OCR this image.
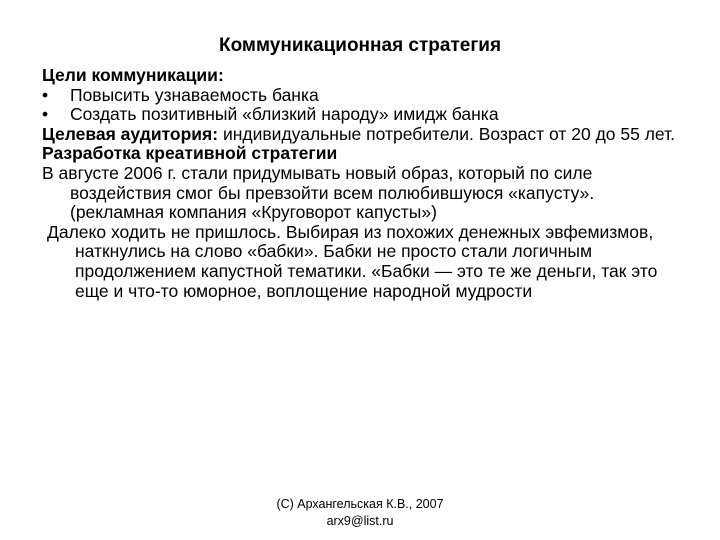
Коммуникационная стратегия

Цели коммуникации:

• Повысить узнаваемость банка

• Создать позитивный «близкий народу» имидж банка

Целевая аудитория: индивидуальные потребители. Возраст от 20 до 55 лет.

Разработка креативной стратегии

В августе 2006 г. стали придумывать новый образ, который по силе воздействия смог бы превзойти всем полюбившуюся «капусту». (рекламная компания «Круговорот капусты»)

Далеко ходить не пришлось. Выбирая из похожих денежных эвфемизмов, наткнулись на слово «бабки». Бабки не просто стали логичным продолжением капустной тематики. «Бабки — это те же деньги, так это еще и что-то юморное, воплощение народной мудрости

(C) Архангельская К.В., 2007
arx9@list.ru
